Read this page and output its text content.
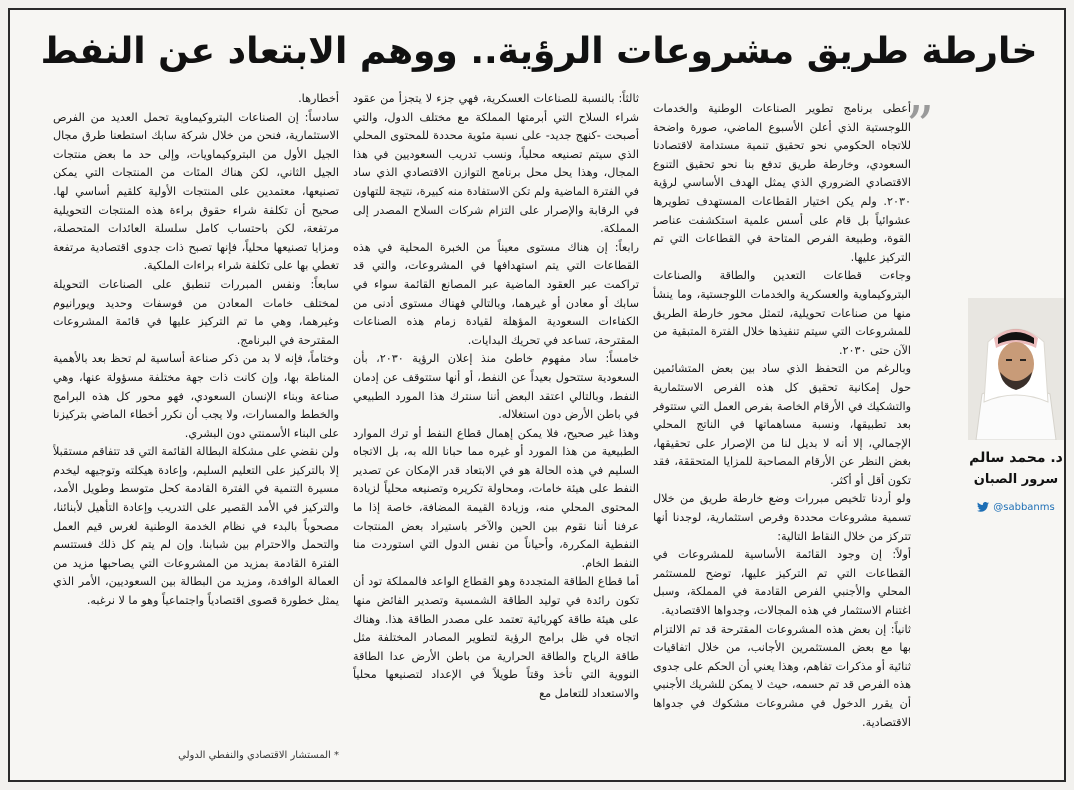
خارطة طريق مشروعات الرؤية.. ووهم الابتعاد عن النفط
”

أعطى برنامج تطوير الصناعات الوطنية والخدمات اللوجستية الذي أعلن الأسبوع الماضي، صورة واضحة للاتجاه الحكومي نحو تحقيق تنمية مستدامة لاقتصادنا السعودي، وخارطة طريق تدفع بنا نحو تحقيق التنوع الاقتصادي الضروري الذي يمثل الهدف الأساسي لرؤية ٢٠٣٠. ولم يكن اختيار القطاعات المستهدف تطويرها عشوائياً بل قام على أسس علمية استكشفت عناصر القوة، وطبيعة الفرص المتاحة في القطاعات التي تم التركيز عليها.

وجاءت قطاعات التعدين والطاقة والصناعات البتروكيماوية والعسكرية والخدمات اللوجستية، وما ينشأ منها من صناعات تحويلية، لتمثل محور خارطة الطريق للمشروعات التي سيتم تنفيذها خلال الفترة المتبقية من الآن حتى ٢٠٣٠.

وبالرغم من التحفظ الذي ساد بين بعض المتشائمين حول إمكانية تحقيق كل هذه الفرص الاستثمارية والتشكيك في الأرقام الخاصة بفرص العمل التي ستتوفر بعد تطبيقها، ونسبة مساهماتها في الناتج المحلي الإجمالي، إلا أنه لا بديل لنا من الإصرار على تحقيقها، بغض النظر عن الأرقام المصاحبة للمزايا المتحققة، فقد تكون أقل أو أكثر.

ولو أردنا تلخيص مبررات وضع خارطة طريق من خلال تسمية مشروعات محددة وفرص استثمارية، لوجدنا أنها تتركز من خلال النقاط التالية:

أولاً: إن وجود القائمة الأساسية للمشروعات في القطاعات التي تم التركيز عليها، توضح للمستثمر المحلي والأجنبي الفرص القادمة في المملكة، وسبل اغتنام الاستثمار في هذه المجالات، وجدواها الاقتصادية.

ثانياً: إن بعض هذه المشروعات المقترحة قد تم الالتزام بها مع بعض المستثمرين الأجانب، من خلال اتفاقيات ثنائية أو مذكرات تفاهم، وهذا يعني أن الحكم على جدوى هذه الفرص قد تم حسمه، حيث لا يمكن للشريك الأجنبي أن يقرر الدخول في مشروعات مشكوك في جدواها الاقتصادية.

ثالثاً: بالنسبة للصناعات العسكرية، فهي جزء لا يتجزأ من عقود شراء السلاح التي أبرمتها المملكة مع مختلف الدول، والتي أصبحت -كنهج جديد- على نسبة مئوية محددة للمحتوى المحلي الذي سيتم تصنيعه محلياً، ونسب تدريب السعوديين في هذا المجال، وهذا يحل محل برنامج التوازن الاقتصادي الذي ساد في الفترة الماضية ولم تكن الاستفادة منه كبيرة، نتيجة للتهاون في الرقابة والإصرار على التزام شركات السلاح المصدر إلى المملكة.

رابعاً: إن هناك مستوى معيناً من الخبرة المحلية في هذه القطاعات التي يتم استهدافها في المشروعات، والتي قد تراكمت عبر العقود الماضية عبر المصانع القائمة سواء في سابك أو معادن أو غيرهما، وبالتالي فهناك مستوى أدنى من الكفاءات السعودية المؤهلة لقيادة زمام هذه الصناعات المقترحة، تساعد في تحريك البدايات.

خامساً: ساد مفهوم خاطئ منذ إعلان الرؤية ٢٠٣٠، بأن السعودية ستتحول بعيداً عن النفط، أو أنها ستتوقف عن إدمان النفط، وبالتالي اعتقد البعض أننا سنترك هذا المورد الطبيعي في باطن الأرض دون استغلاله.

وهذا غير صحيح، فلا يمكن إهمال قطاع النفط أو ترك الموارد الطبيعية من هذا المورد أو غيره مما حبانا الله به، بل الاتجاه السليم في هذه الحالة هو في الابتعاد قدر الإمكان عن تصدير النفط على هيئة خامات، ومحاولة تكريره وتصنيعه محلياً لزيادة المحتوى المحلي منه، وزيادة القيمة المضافة، خاصة إذا ما عرفنا أننا نقوم بين الحين والآخر باستيراد بعض المنتجات النفطية المكررة، وأحياناً من نفس الدول التي استوردت منا النفط الخام.

أما قطاع الطاقة المتجددة وهو القطاع الواعد فالمملكة تود أن تكون رائدة في توليد الطاقة الشمسية وتصدير الفائض منها على هيئة طاقة كهربائية تعتمد على مصدر الطاقة هذا. وهناك اتجاه في ظل برامج الرؤية لتطوير المصادر المختلفة مثل طاقة الرياح والطاقة الحرارية من باطن الأرض عدا الطاقة النووية التي تأخذ وقتاً طويلاً في الإعداد لتصنيعها محلياً والاستعداد للتعامل مع

أخطارها.

سادساً: إن الصناعات البتروكيماوية تحمل العديد من الفرص الاستثمارية، فنحن من خلال شركة سابك استطعنا طرق مجال الجيل الأول من البتروكيماويات، وإلى حد ما بعض منتجات الجيل الثاني، لكن هناك المئات من المنتجات التي يمكن تصنيعها، معتمدين على المنتجات الأولية كلقيم أساسي لها. صحيح أن تكلفة شراء حقوق براءة هذه المنتجات التحويلية مرتفعة، لكن باحتساب كامل سلسلة العائدات المتحصلة، ومزايا تصنيعها محلياً، فإنها تصبح ذات جدوى اقتصادية مرتفعة تغطي بها على تكلفة شراء براءات الملكية.

سابعاً: ونفس المبررات تنطبق على الصناعات التحويلة لمختلف خامات المعادن من فوسفات وحديد ويورانيوم وغيرهما، وهي ما تم التركيز عليها في قائمة المشروعات المقترحة في البرنامج.

وختاماً، فإنه لا بد من ذكر صناعة أساسية لم تحظ بعد بالأهمية المناطة بها، وإن كانت ذات جهة مختلفة مسؤولة عنها، وهي صناعة وبناء الإنسان السعودي، فهو محور كل هذه البرامج والخطط والمسارات، ولا يجب أن نكرر أخطاء الماضي بتركيزنا على البناء الأسمنتي دون البشري.

ولن نقضي على مشكلة البطالة القائمة التي قد تتفاقم مستقبلاً إلا بالتركيز على التعليم السليم، وإعادة هيكلته وتوجيهه ليخدم مسيرة التنمية في الفترة القادمة كحل متوسط وطويل الأمد، والتركيز في الأمد القصير على التدريب وإعادة التأهيل لأبنائنا، مصحوباً بالبدء في نظام الخدمة الوطنية لغرس قيم العمل والتحمل والاحترام بين شبابنا. وإن لم يتم كل ذلك فستتسم الفترة القادمة بمزيد من المشروعات التي يصاحبها مزيد من العمالة الوافدة، ومزيد من البطالة بين السعوديين، الأمر الذي يمثل خطورة قصوى اقتصادياً واجتماعياً وهو ما لا نرغبه.

* المستشار الاقتصادي والنفطي الدولي
د. محمد سالم
سرور الصبان
@sabbanms
